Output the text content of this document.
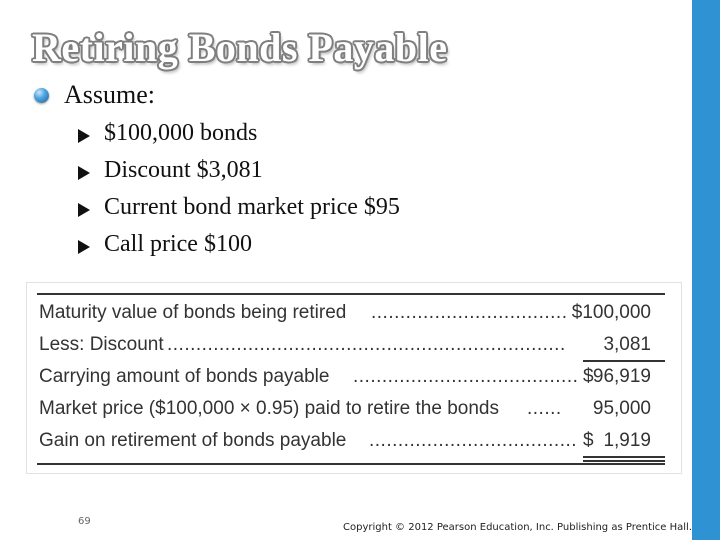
Retiring Bonds Payable
Assume:
$100,000 bonds
Discount $3,081
Current bond market price $95
Call price $100
Maturity value of bonds being retired .................................. $100,000
Less: Discount ..................................................................... 3,081
Carrying amount of bonds payable ....................................... $ 96,919
Market price ($100,000 × 0.95) paid to retire the bonds ...... 95,000
Gain on retirement of bonds payable .................................... $ 1,919
69
Copyright © 2012 Pearson Education, Inc. Publishing as Prentice Hall.
